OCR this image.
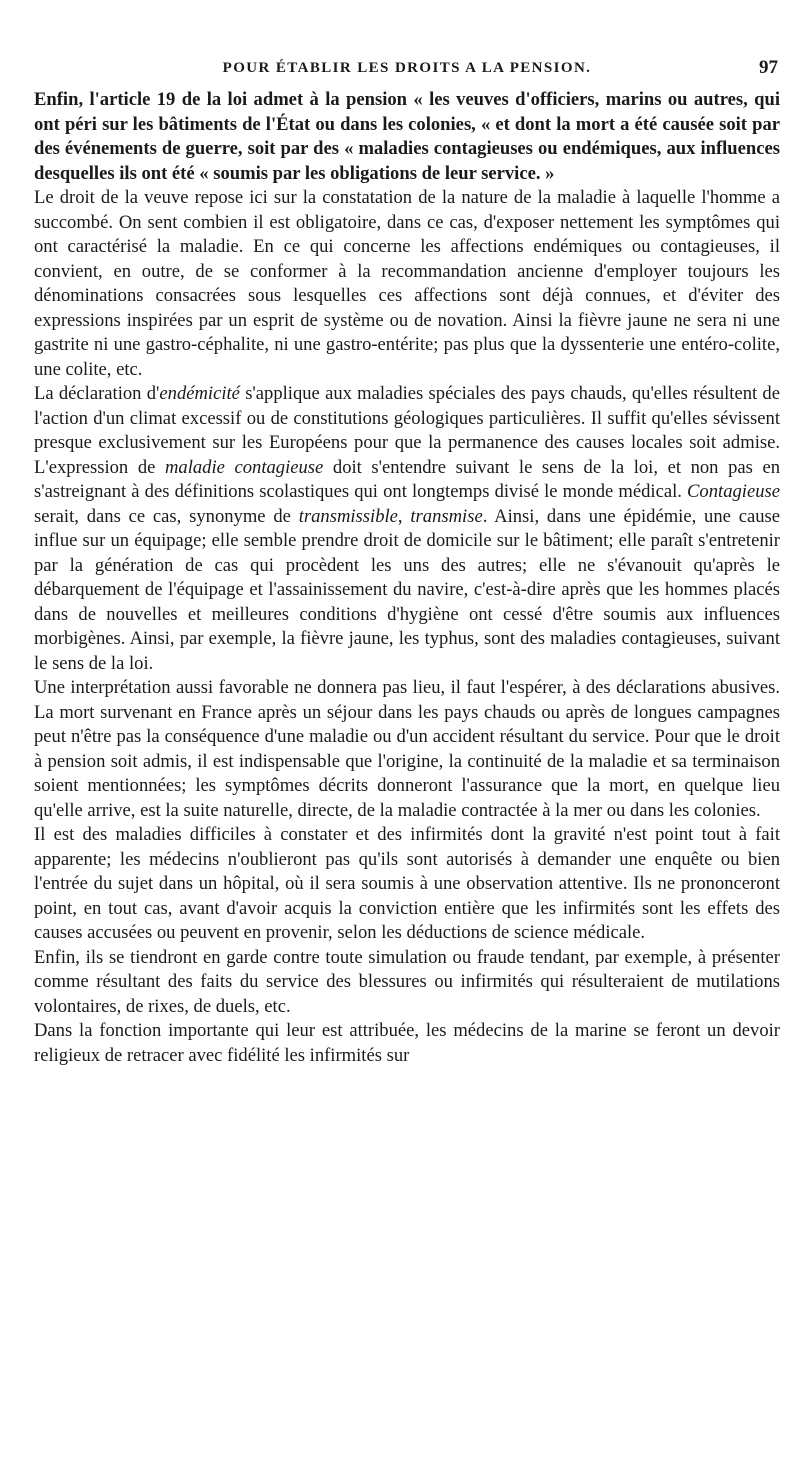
POUR ÉTABLIR LES DROITS A LA PENSION.	97

Enfin, l'article 19 de la loi admet à la pension « les veuves d'officiers, marins ou autres, qui ont péri sur les bâtiments de l'État ou dans les colonies, « et dont la mort a été causée soit par des événements de guerre, soit par des « maladies contagieuses ou endémiques, aux influences desquelles ils ont été « soumis par les obligations de leur service. »

Le droit de la veuve repose ici sur la constatation de la nature de la maladie à laquelle l'homme a succombé. On sent combien il est obligatoire, dans ce cas, d'exposer nettement les symptômes qui ont caractérisé la maladie. En ce qui concerne les affections endémiques ou contagieuses, il convient, en outre, de se conformer à la recommandation ancienne d'employer toujours les dénominations consacrées sous lesquelles ces affections sont déjà connues, et d'éviter des expressions inspirées par un esprit de système ou de novation. Ainsi la fièvre jaune ne sera ni une gastrite ni une gastro-céphalite, ni une gastro-entérite; pas plus que la dyssenterie une entéro-colite, une colite, etc.

La déclaration d'endémicité s'applique aux maladies spéciales des pays chauds, qu'elles résultent de l'action d'un climat excessif ou de constitutions géologiques particulières. Il suffit qu'elles sévissent presque exclusivement sur les Européens pour que la permanence des causes locales soit admise. L'expression de maladie contagieuse doit s'entendre suivant le sens de la loi, et non pas en s'astreignant à des définitions scolastiques qui ont longtemps divisé le monde médical. Contagieuse serait, dans ce cas, synonyme de transmissible, transmise. Ainsi, dans une épidémie, une cause influe sur un équipage; elle semble prendre droit de domicile sur le bâtiment; elle paraît s'entretenir par la génération de cas qui procèdent les uns des autres; elle ne s'évanouit qu'après le débarquement de l'équipage et l'assainissement du navire, c'est-à-dire après que les hommes placés dans de nouvelles et meilleures conditions d'hygiène ont cessé d'être soumis aux influences morbigènes. Ainsi, par exemple, la fièvre jaune, les typhus, sont des maladies contagieuses, suivant le sens de la loi.

Une interprétation aussi favorable ne donnera pas lieu, il faut l'espérer, à des déclarations abusives. La mort survenant en France après un séjour dans les pays chauds ou après de longues campagnes peut n'être pas la conséquence d'une maladie ou d'un accident résultant du service. Pour que le droit à pension soit admis, il est indispensable que l'origine, la continuité de la maladie et sa terminaison soient mentionnées; les symptômes décrits donneront l'assurance que la mort, en quelque lieu qu'elle arrive, est la suite naturelle, directe, de la maladie contractée à la mer ou dans les colonies.

Il est des maladies difficiles à constater et des infirmités dont la gravité n'est point tout à fait apparente; les médecins n'oublieront pas qu'ils sont autorisés à demander une enquête ou bien l'entrée du sujet dans un hôpital, où il sera soumis à une observation attentive. Ils ne prononceront point, en tout cas, avant d'avoir acquis la conviction entière que les infirmités sont les effets des causes accusées ou peuvent en provenir, selon les déductions de science médicale.

Enfin, ils se tiendront en garde contre toute simulation ou fraude tendant, par exemple, à présenter comme résultant des faits du service des blessures ou infirmités qui résulteraient de mutilations volontaires, de rixes, de duels, etc.

Dans la fonction importante qui leur est attribuée, les médecins de la marine se feront un devoir religieux de retracer avec fidélité les infirmités sur
